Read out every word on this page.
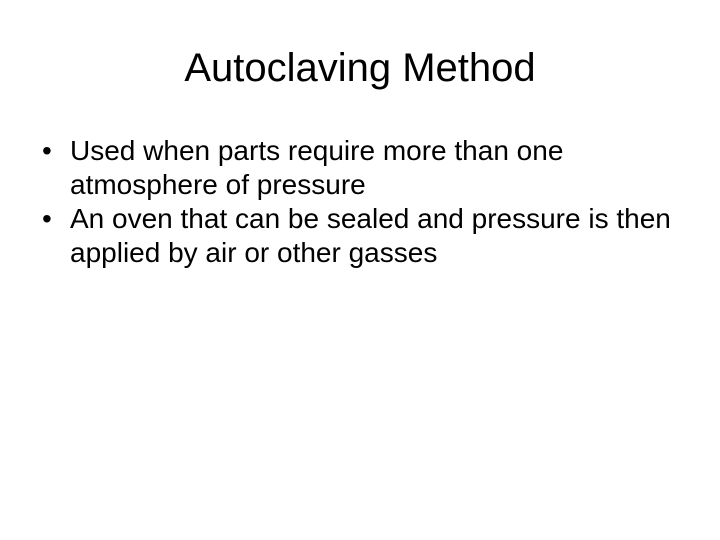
Autoclaving Method
• Used when parts require more than one atmosphere of pressure
• An oven that can be sealed and pressure is then applied by air or other gasses
